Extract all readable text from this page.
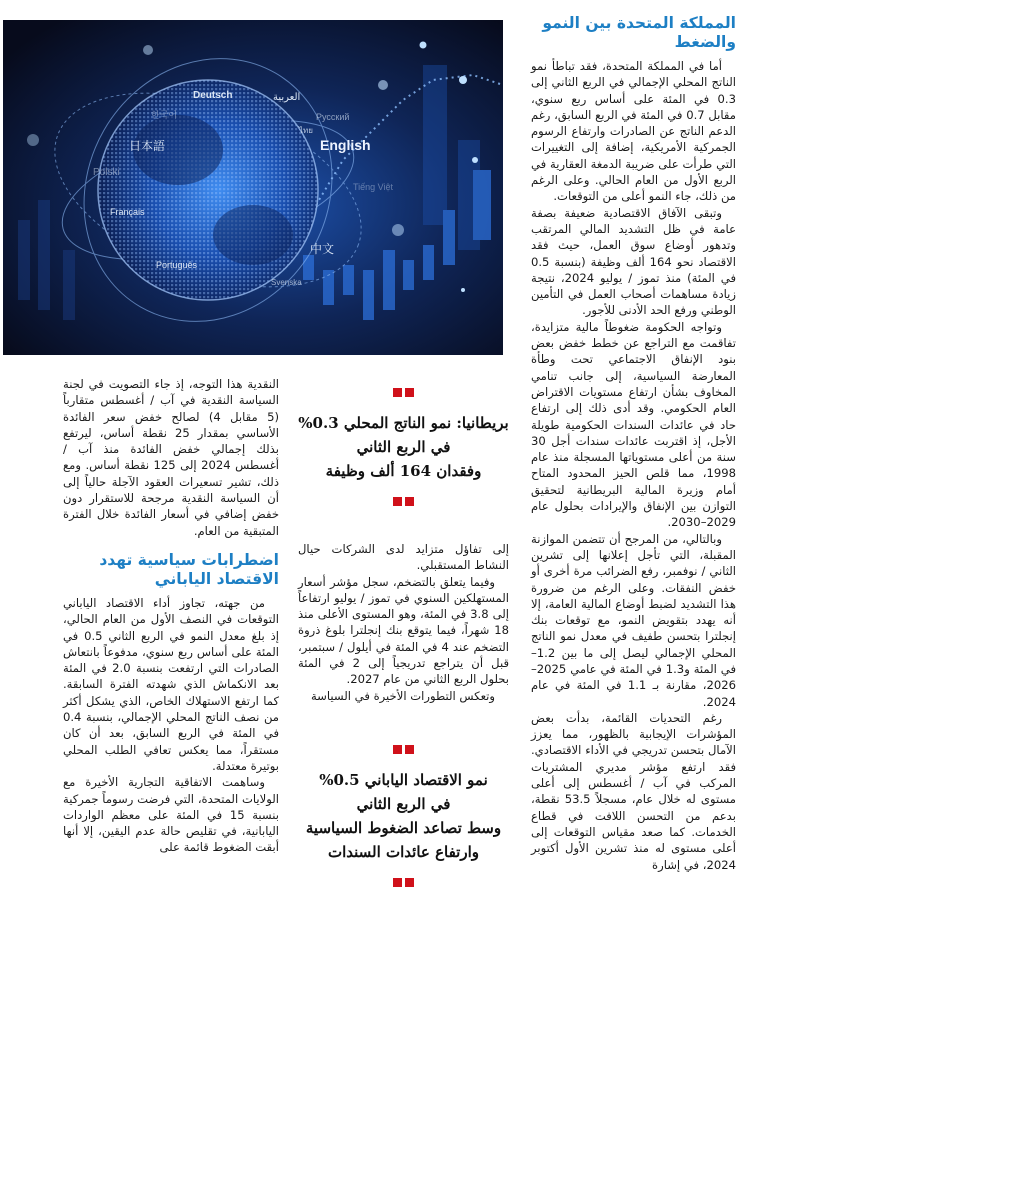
Deutsch	العربية
Русский
ไทย
한국어
日本語	English
Polski
Tiếng Việt
Français
中文
Português
Svenska
المملكة المتحدة بين النمو والضغط

أما في المملكة المتحدة، فقد تباطأ نمو الناتج المحلي الإجمالي في الربع الثاني إلى 0.3 في المئة على أساس ربع سنوي، مقابل 0.7 في المئة في الربع السابق، رغم الدعم الناتج عن الصادرات وارتفاع الرسوم الجمركية الأمريكية، إضافة إلى التغييرات التي طرأت على ضريبة الدمغة العقارية في الربع الأول من العام الحالي. وعلى الرغم من ذلك، جاء النمو أعلى من التوقعات.

وتبقى الآفاق الاقتصادية ضعيفة بصفة عامة في ظل التشديد المالي المرتقب وتدهور أوضاع سوق العمل، حيث فقد الاقتصاد نحو 164 ألف وظيفة (بنسبة 0.5 في المئة) منذ تموز / يوليو 2024، نتيجة زيادة مساهمات أصحاب العمل في التأمين الوطني ورفع الحد الأدنى للأجور.

وتواجه الحكومة ضغوطاً مالية متزايدة، تفاقمت مع التراجع عن خطط خفض بعض بنود الإنفاق الاجتماعي تحت وطأة المعارضة السياسية، إلى جانب تنامي المخاوف بشأن ارتفاع مستويات الاقتراض العام الحكومي. وقد أدى ذلك إلى ارتفاع حاد في عائدات السندات الحكومية طويلة الأجل، إذ اقتربت عائدات سندات أجل 30 سنة من أعلى مستوياتها المسجلة منذ عام 1998، مما قلص الحيز المحدود المتاح أمام وزيرة المالية البريطانية لتحقيق التوازن بين الإنفاق والإيرادات بحلول عام 2029–2030.

وبالتالي، من المرجح أن تتضمن الموازنة المقبلة، التي تأجل إعلانها إلى تشرين الثاني / نوفمبر، رفع الضرائب مرة أخرى أو خفض النفقات. وعلى الرغم من ضرورة هذا التشديد لضبط أوضاع المالية العامة، إلا أنه يهدد بتقويض النمو، مع توقعات بنك إنجلترا بتحسن طفيف في معدل نمو الناتج المحلي الإجمالي ليصل إلى ما بين 1.2– في المئة و1.3 في المئة في عامي 2025–2026، مقارنة بـ 1.1 في المئة في عام 2024.

رغم التحديات القائمة، بدأت بعض المؤشرات الإيجابية بالظهور، مما يعزز الآمال بتحسن تدريجي في الأداء الاقتصادي. فقد ارتفع مؤشر مديري المشتريات المركب في آب / أغسطس إلى أعلى مستوى له خلال عام، مسجلاً 53.5 نقطة، بدعم من التحسن اللافت في قطاع الخدمات. كما صعد مقياس التوقعات إلى أعلى مستوى له منذ تشرين الأول أكتوبر 2024، في إشارة

بريطانيا: نمو الناتج المحلي 0.3%
في الربع الثاني
وفقدان 164 ألف وظيفة

إلى تفاؤل متزايد لدى الشركات حيال النشاط المستقبلي.

وفيما يتعلق بالتضخم، سجل مؤشر أسعار المستهلكين السنوي في تموز / يوليو ارتفاعاً إلى 3.8 في المئة، وهو المستوى الأعلى منذ 18 شهراً، فيما يتوقع بنك إنجلترا بلوغ ذروة التضخم عند 4 في المئة في أيلول / سبتمبر، قبل أن يتراجع تدريجياً إلى 2 في المئة بحلول الربع الثاني من عام 2027.

وتعكس التطورات الأخيرة في السياسة

نمو الاقتصاد الياباني 0.5%
في الربع الثاني
وسط تصاعد الضغوط السياسية
وارتفاع عائدات السندات

النقدية هذا التوجه، إذ جاء التصويت في لجنة السياسة النقدية في آب / أغسطس متقارباً (5 مقابل 4) لصالح خفض سعر الفائدة الأساسي بمقدار 25 نقطة أساس، ليرتفع بذلك إجمالي خفض الفائدة منذ آب / أغسطس 2024 إلى 125 نقطة أساس. ومع ذلك، تشير تسعيرات العقود الآجلة حالياً إلى أن السياسة النقدية مرجحة للاستقرار دون خفض إضافي في أسعار الفائدة خلال الفترة المتبقية من العام.

اضطرابات سياسية تهدد الاقتصاد الياباني

من جهته، تجاوز أداء الاقتصاد الياباني التوقعات في النصف الأول من العام الحالي، إذ بلغ معدل النمو في الربع الثاني 0.5 في المئة على أساس ربع سنوي، مدفوعاً بانتعاش الصادرات التي ارتفعت بنسبة 2.0 في المئة بعد الانكماش الذي شهدته الفترة السابقة. كما ارتفع الاستهلاك الخاص، الذي يشكل أكثر من نصف الناتج المحلي الإجمالي، بنسبة 0.4 في المئة في الربع السابق، بعد أن كان مستقراً، مما يعكس تعافي الطلب المحلي بوتيرة معتدلة.

وساهمت الاتفاقية التجارية الأخيرة مع الولايات المتحدة، التي فرضت رسوماً جمركية بنسبة 15 في المئة على معظم الواردات اليابانية، في تقليص حالة عدم اليقين، إلا أنها أبقت الضغوط قائمة على
